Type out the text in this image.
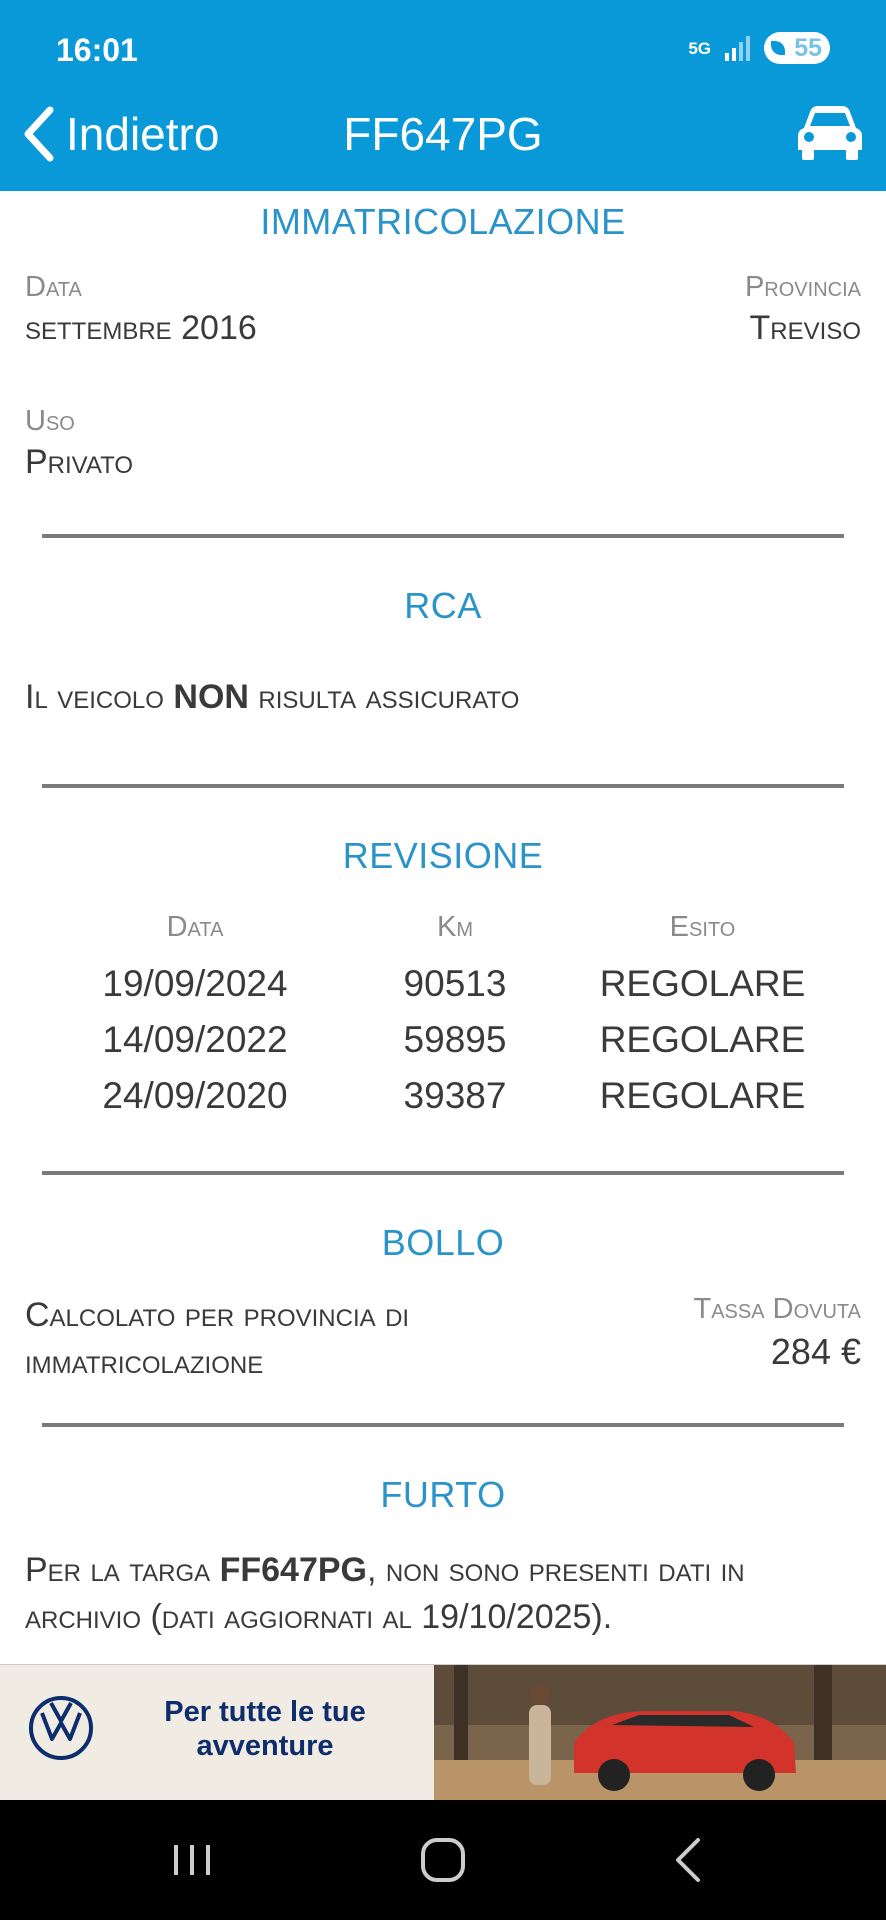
16:01	5G	55
FF647PG
Indietro
IMMATRICOLAZIONE
Data
settembre 2016
Provincia
Treviso
Uso
Privato
RCA
Il veicolo NON risulta assicurato
REVISIONE
Data	Km	Esito
19/09/2024	90513	REGOLARE
14/09/2022	59895	REGOLARE
24/09/2020	39387	REGOLARE
BOLLO
Calcolato per provincia di immatricolazione
Tassa Dovuta
284 €
FURTO
Per la targa FF647PG, non sono presenti dati in archivio (dati aggiornati al 19/10/2025).
Per tutte le tue avventure
